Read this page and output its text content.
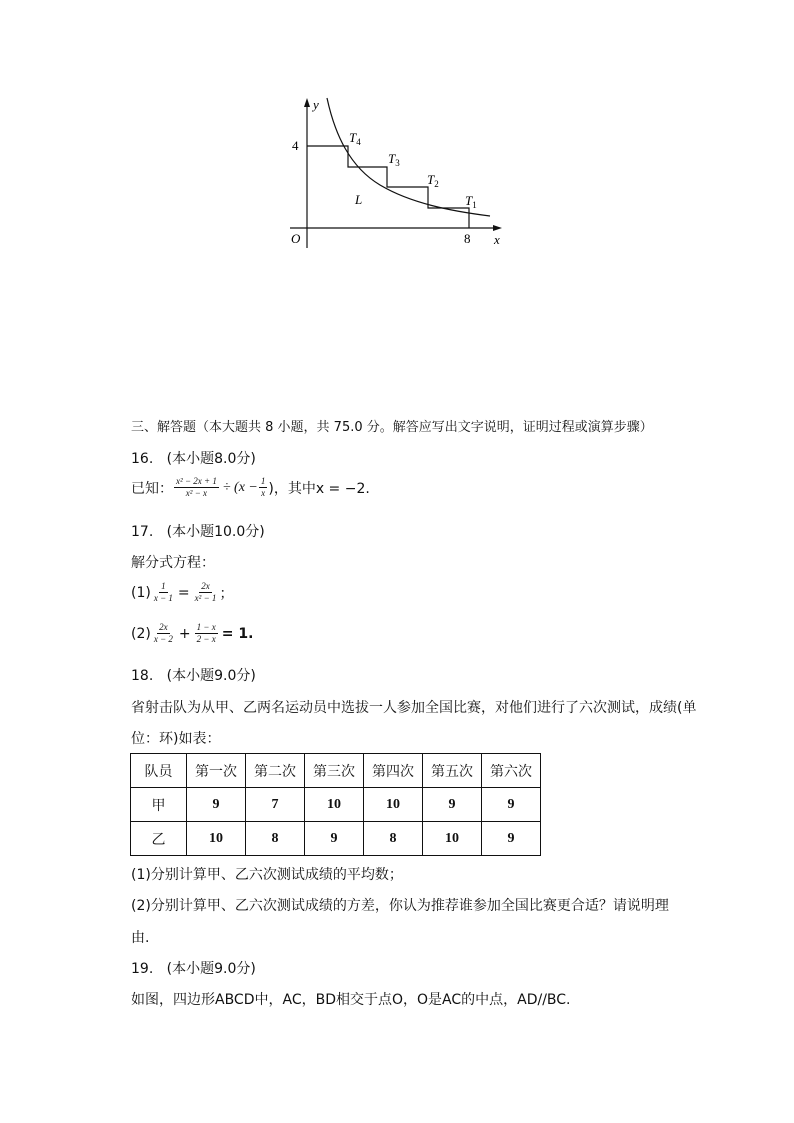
y
x
O
4
8
L
$T_4$
$T_3$
$T_2$
$T_1$
三、解答题（本大题共 8 小题，共 75.0 分。解答应写出文字说明，证明过程或演算步骤）
16. (本小题8.0分)
已知： $\frac{\text{x² − 2x + 1}}{\text{x² − x}} \div (x - \frac{1}{x}$ )，其中x = −2.
17. (本小题10.0分)
解分式方程：
$(1) \frac{1}{x - 1} = \frac{2x}{\text{x² − 1}}$ ；
$(2) \frac{2x}{x - 2} + \frac{1 - x}{2 - x} = 1$.
18. (本小题9.0分)
省射击队为从甲、乙两名运动员中选拔一人参加全国比赛，对他们进行了六次测试，成绩(单
位：环)如表：
队员	第一次	第二次	第三次	第四次	第五次	第六次
甲	9	7	10	10	9	9
乙	10	8	9	8	10	9
(1)分别计算甲、乙六次测试成绩的平均数；
(2)分别计算甲、乙六次测试成绩的方差，你认为推荐谁参加全国比赛更合适？请说明理
由.
19. (本小题9.0分)
如图，四边形ABCD中，AC，BD相交于点O，O是AC的中点，AD//BC.
